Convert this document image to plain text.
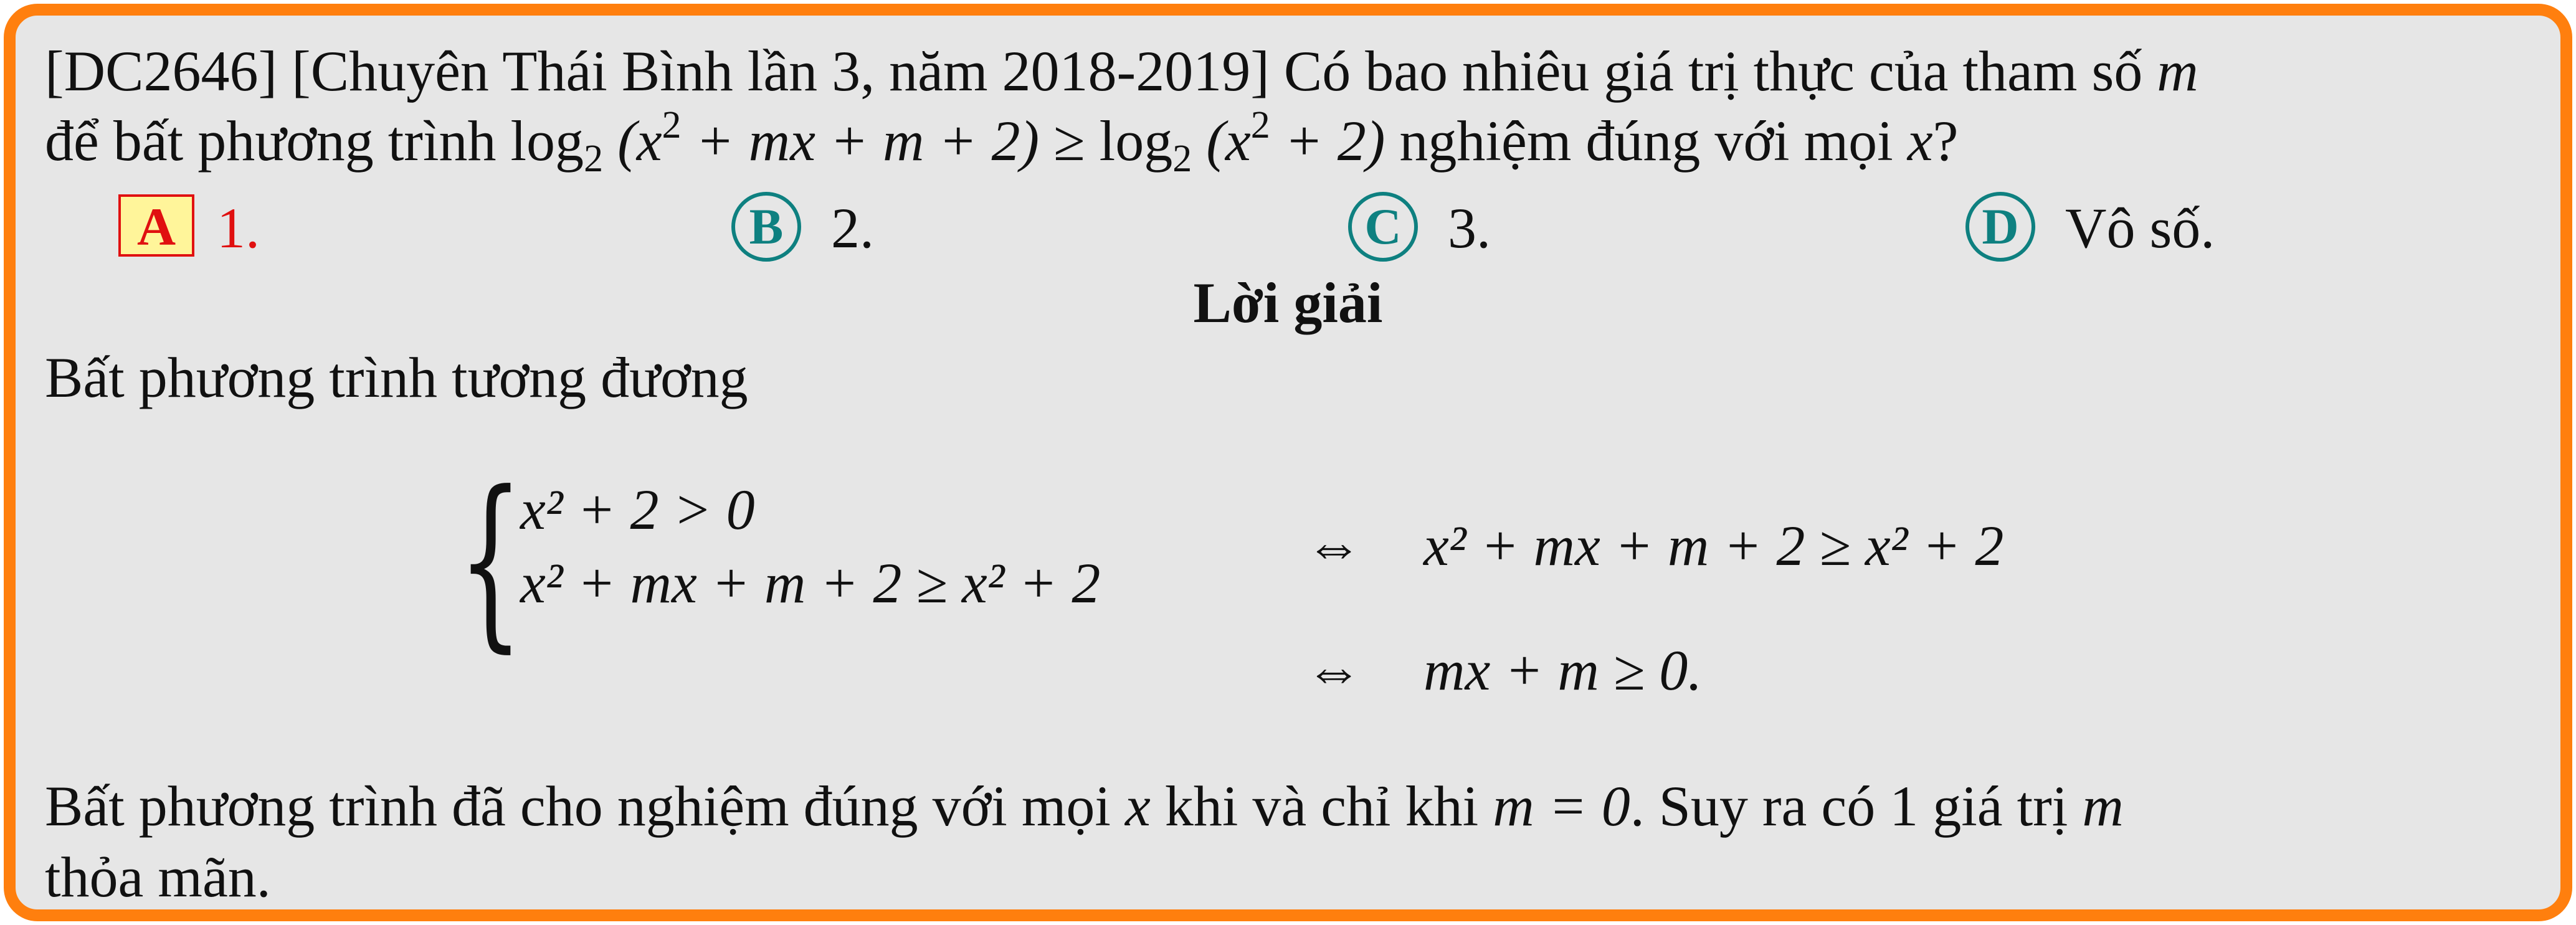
[DC2646] [Chuyên Thái Bình lần 3, năm 2018-2019] Có bao nhiêu giá trị thực của tham số m
để bất phương trình $\log_2 (x^2$ + mx + $m + 2) \ge \log_2 (x^2 + 2)$ nghiệm đúng với mọi x?
A 1.	B 2.	C 3.	D Vô số.
Lời giải
Bất phương trình tương đương
{
x² + 2 > 0
x² + mx + m + 2 ≥ x² + 2
⇔ x² + mx + m + 2 ≥ x² + 2
⇔ mx + m ≥ 0.
Bất phương trình đã cho nghiệm đúng với mọi x khi và chỉ khi m = 0. Suy ra có 1 giá trị m
thỏa mãn.
